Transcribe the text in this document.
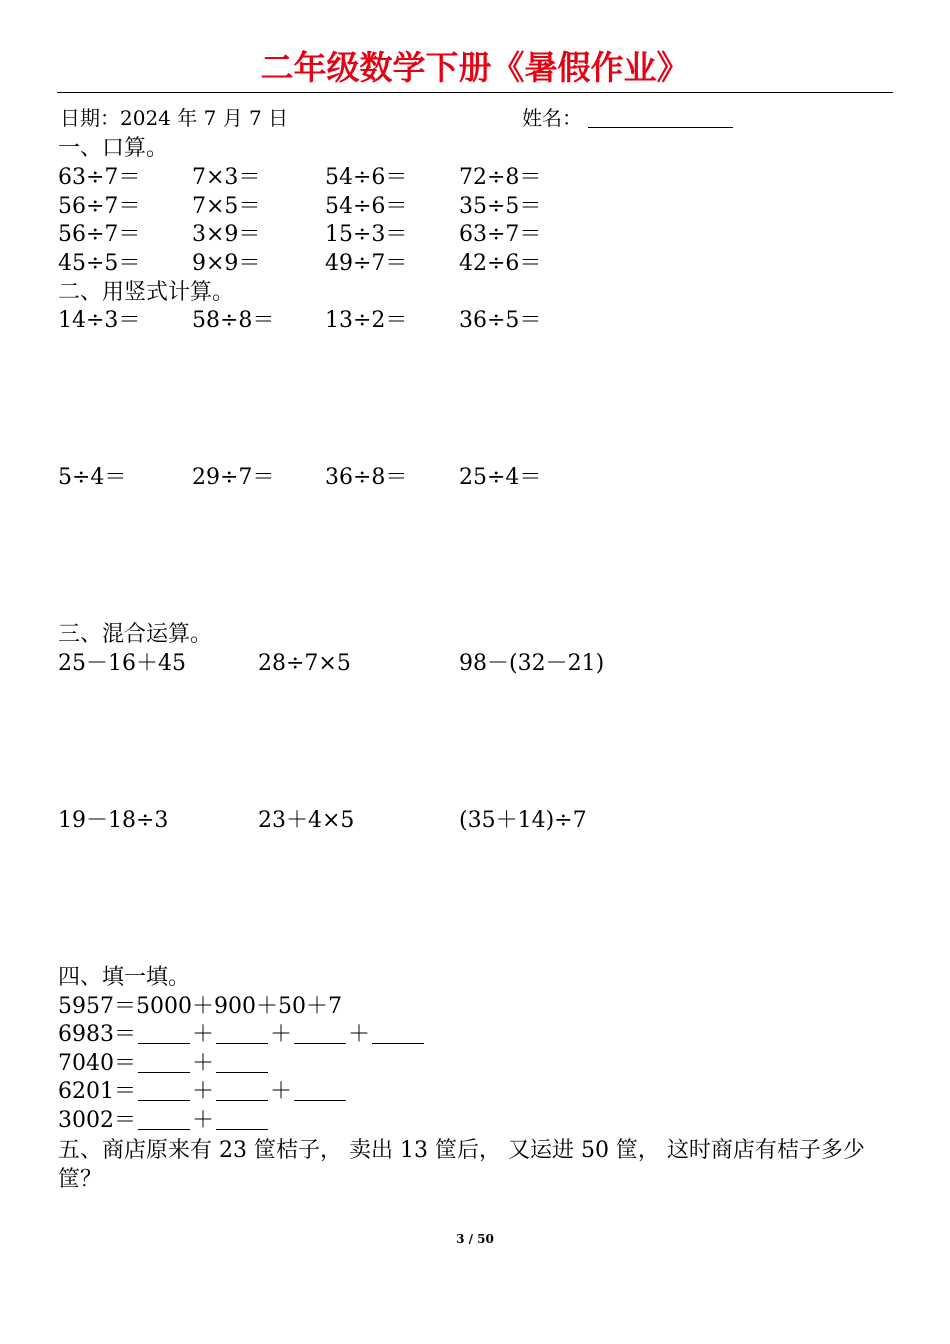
二年级数学下册《暑假作业》
日期：2024 年 7 月 7 日	姓名：
一、口算。
63÷7＝ 7×3＝	54÷6＝ 72÷8＝
56÷7＝ 7×5＝	54÷6＝ 35÷5＝
56÷7＝ 3×9＝	15÷3＝ 63÷7＝
45÷5＝ 9×9＝	49÷7＝ 42÷6＝
二、用竖式计算。
14÷3＝ 58÷8＝ 13÷2＝ 36÷5＝
5÷4＝	29÷7＝ 36÷8＝ 25÷4＝
三、混合运算。
25－16＋45	28÷7×5	98－(32－21)
19－18÷3	23＋4×5	(35＋14)÷7
四、填一填。
5957＝5000＋900＋50＋7
6983＝	＋	＋	＋
7040＝	＋
6201＝	＋	＋
3002＝	＋
五、商店原来有 23 筐桔子， 卖出 13 筐后， 又运进 50 筐， 这时商店有桔子多少筐？
3 / 50
